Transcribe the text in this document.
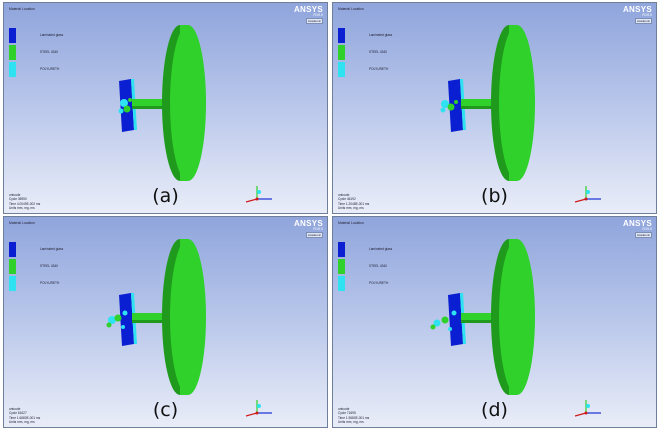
Material Location
Laminated glass
STEEL 4340
POLYURETH
ANSYS
R19.0
Academic
(a)
ontcode
Cycle 36950
Time 4.0049E-002 ms
Units mm, mg, ms
Material Location
Laminated glass
STEEL 4340
POLYURETH
ANSYS
R19.0
Academic
(b)
ontcode
Cycle 46192
Time 1.2048E-001 ms
Units mm, mg, ms
Material Location
Laminated glass
STEEL 4340
POLYURETH
ANSYS
R19.0
Academic
(c)
ontcode
Cycle 61627
Time 1.6680E-001 ms
Units mm, mg, ms
Material Location
Laminated glass
STEEL 4340
POLYURETH
ANSYS
R19.0
Academic
(d)
ontcode
Cycle 71695
Time 1.9680E-001 ms
Units mm, mg, ms
